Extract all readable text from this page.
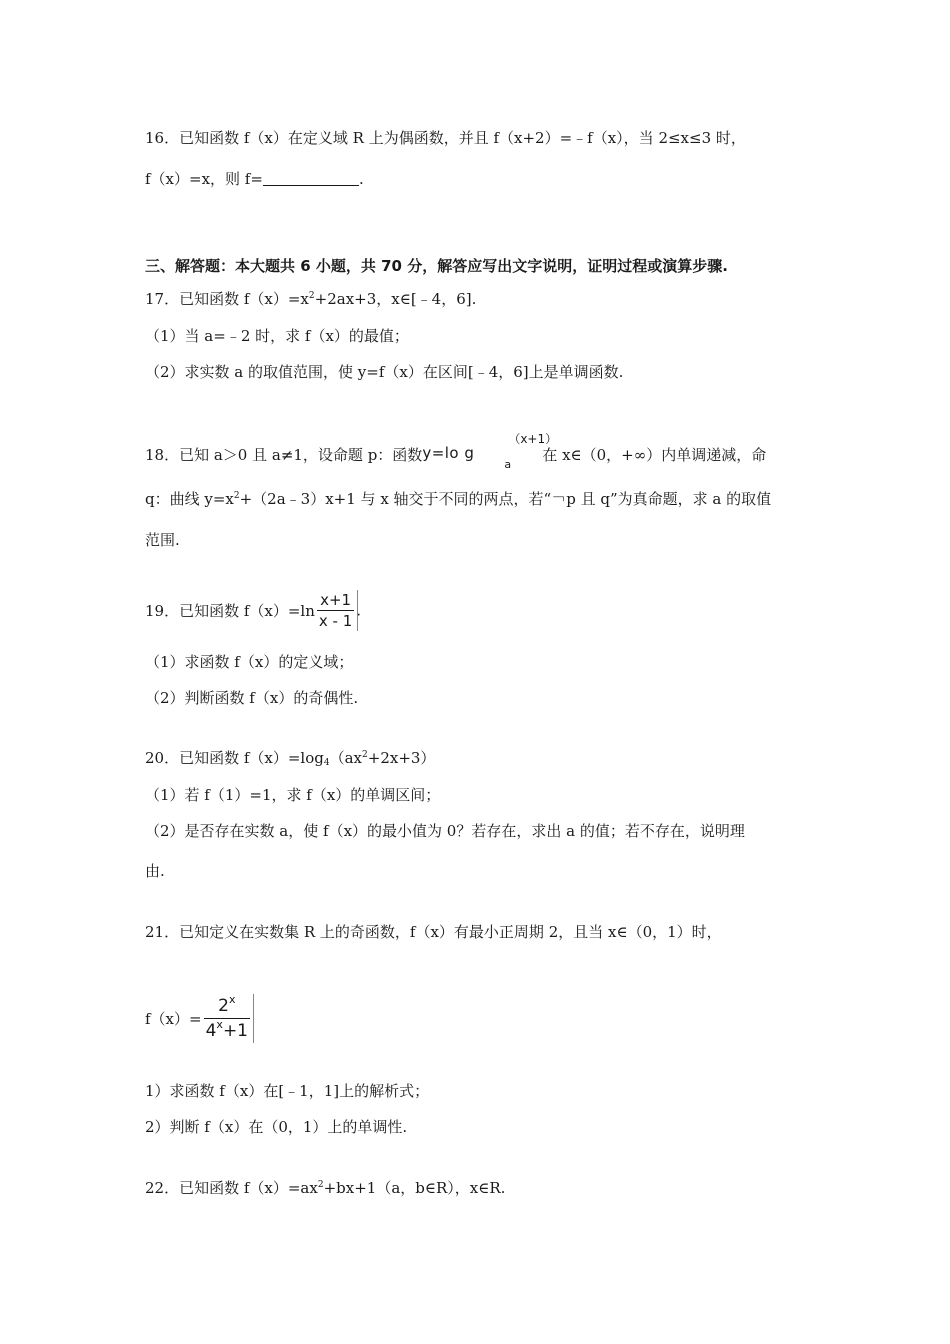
16．已知函数 f（x）在定义域 R 上为偶函数，并且 f（x+2）=﹣f（x），当 2≤x≤3 时，
f（x）=x，则 f=	.
三、解答题：本大题共 6 小题，共 70 分，解答应写出文字说明，证明过程或演算步骤.
17．已知函数 $f(x)=x^2+2ax+3$，x∈[﹣4，6].
（1）当 a=﹣2 时，求 f（x）的最值；
（2）求实数 a 的取值范围，使 y=f（x）在区间[﹣4，6]上是单调函数.
18．已知 a＞0 且 a≠1，设命题 p：函数 y=lo g
a
（x+1）
在 x∈（0，+∞）内单调递减，命
q：曲线 $y=x^2+(2a﹣3)x+1$ 与 x 轴交于不同的两点，若“￢p 且 q”为真命题，求 a 的取值
范围.
19．已知函数 $f(x)=\ln \frac{x+1}{x - 1}$ .
（1）求函数 f（x）的定义域；
（2）判断函数 f（x）的奇偶性.
20．已知函数 $f(x)=\log_4(ax^2+2x+3)$
（1）若 f（1）=1，求 f（x）的单调区间；
（2）是否存在实数 a，使 f（x）的最小值为 0？若存在，求出 a 的值；若不存在，说明理
由.
21．已知定义在实数集 R 上的奇函数，f（x）有最小正周期 2，且当 x∈（0，1）时，
$f(x)= \frac{2^x}{4^x+1}$
1）求函数 f（x）在[﹣1，1]上的解析式；
2）判断 f（x）在（0，1）上的单调性.
22．已知函数 $f(x)=ax^2+bx+1(a$，b∈R），x∈R.
